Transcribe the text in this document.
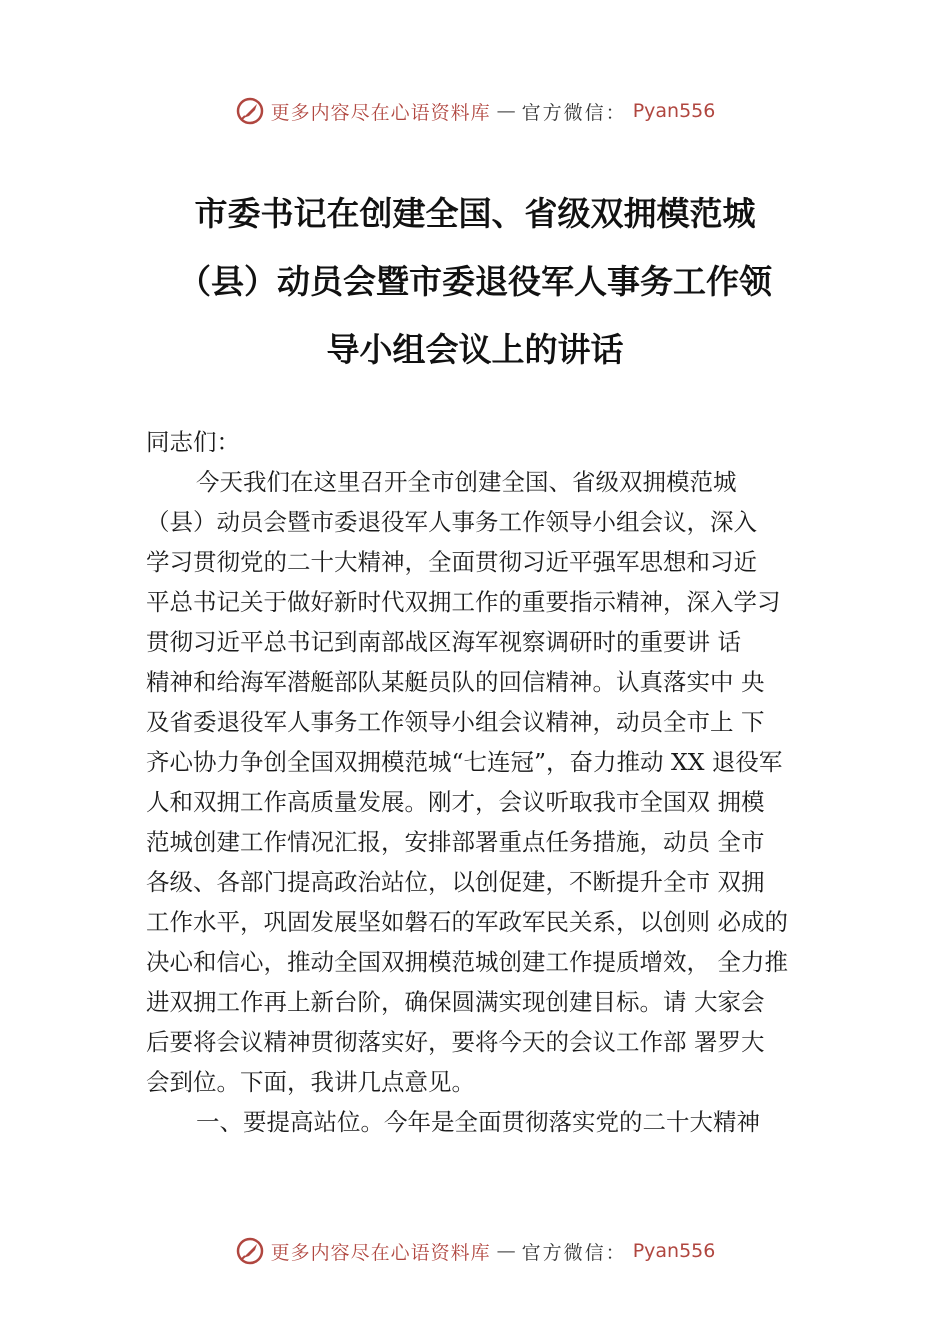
更多内容尽在心语资料库 — 官方微信： Pyan556
市委书记在创建全国、省级双拥模范城
（县）动员会暨市委退役军人事务工作领
导小组会议上的讲话
同志们：
今天我们在这里召开全市创建全国、省级双拥模范城
（县）动员会暨市委退役军人事务工作领导小组会议，深入
学习贯彻党的二十大精神，全面贯彻习近平强军思想和习近
平总书记关于做好新时代双拥工作的重要指示精神，深入学习
贯彻习近平总书记到南部战区海军视察调研时的重要讲 话
精神和给海军潜艇部队某艇员队的回信精神。认真落实中 央
及省委退役军人事务工作领导小组会议精神，动员全市上 下
齐心协力争创全国双拥模范城“七连冠”，奋力推动 XX 退役军
人和双拥工作高质量发展。刚才，会议听取我市全国双 拥模
范城创建工作情况汇报，安排部署重点任务措施，动员 全市
各级、各部门提高政治站位，以创促建，不断提升全市 双拥
工作水平，巩固发展坚如磐石的军政军民关系，以创则 必成的
决心和信心，推动全国双拥模范城创建工作提质增效， 全力推
进双拥工作再上新台阶，确保圆满实现创建目标。请 大家会
后要将会议精神贯彻落实好，要将今天的会议工作部 署罗大
会到位。下面，我讲几点意见。
一、要提高站位。今年是全面贯彻落实党的二十大精神
更多内容尽在心语资料库 — 官方微信： Pyan556
